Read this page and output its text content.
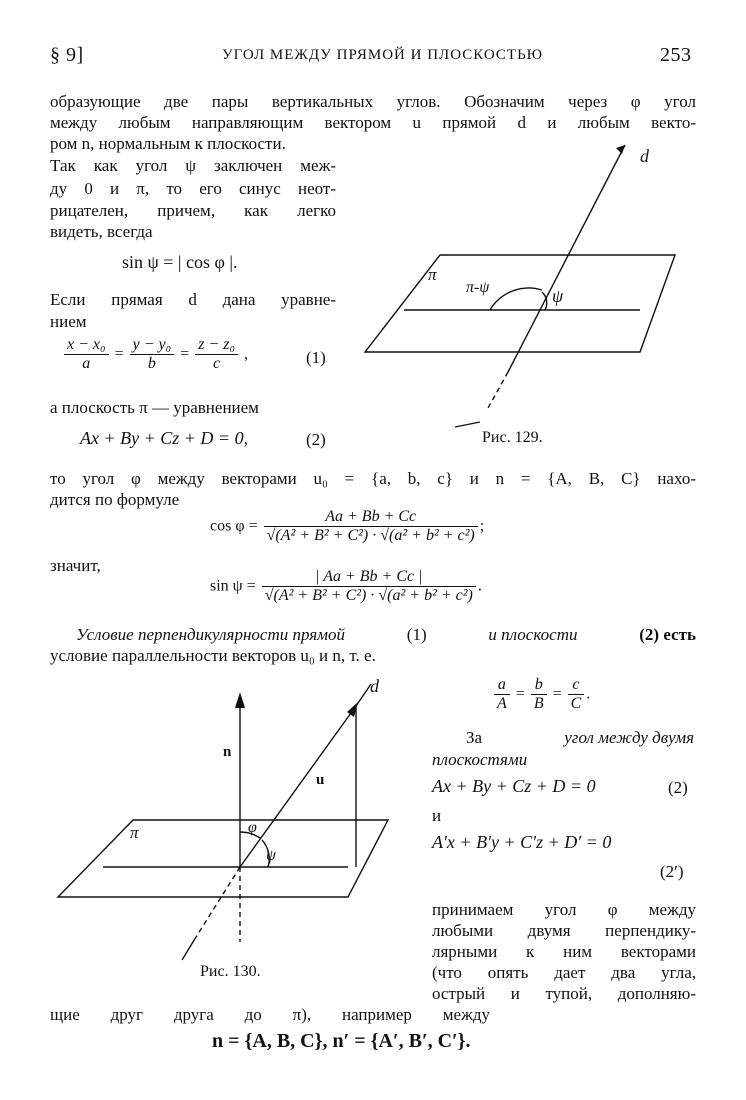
§ 9]	УГОЛ МЕЖДУ ПРЯМОЙ И ПЛОСКОСТЬЮ	253
образующие две пары вертикальных углов. Обозначим через φ угол
между любым направляющим вектором u прямой d и любым векто-
ром n, нормальным к плоскости.
Так как угол ψ заключен меж-
ду 0 и π, то его синус неот-
рицателен, причем, как легко
видеть, всегда
sin ψ = | cos φ |.
Если прямая d дана уравне-
нием
$\frac{\text{x − x₀}}{a} = \frac{\text{y − y₀}}{b} = \frac{\text{z − z₀}}{c}$ ,	(1)
а плоскость π — уравнением
Ax + By + Cz + D = 0,	(2)
d
π
π-ψ	ψ
Рис. 129.
то угол φ между векторами u₀ = {a, b, c} и n = {A, B, C} нахо-
дится по формуле
$\cos \varphi = \frac{Aa + Bb + Cc}{\text{√(A² + B² + C²) · √(a² + b² + c²)}}$ ;
значит,
$\sin \psi = \frac{| Aa + Bb + Cc |}{\text{√(A² + B² + C²) · √(a² + b² + c²)}}$ .
Условие перпендикулярности прямой	(1)	и плоскости	(2) есть
условие параллельности векторов u₀ и n, т. е.
$\frac{a}{A} = \frac{b}{B} = \frac{c}{C}$ .
За	угол между двумя
плоскостями
Ax + By + Cz + D = 0	(2)
и
A′x + B′y + C′z + D′ = 0
(2′)
принимаем угол φ между
любыми двумя перпендику-
лярными к ним векторами
(что опять дает два угла,
острый и тупой, дополняю-
щие друг друга до π), например между
n = {A, B, C}, n′ = {A′, B′, C′}.
d
n
u
π	φ
ψ
Рис. 130.
